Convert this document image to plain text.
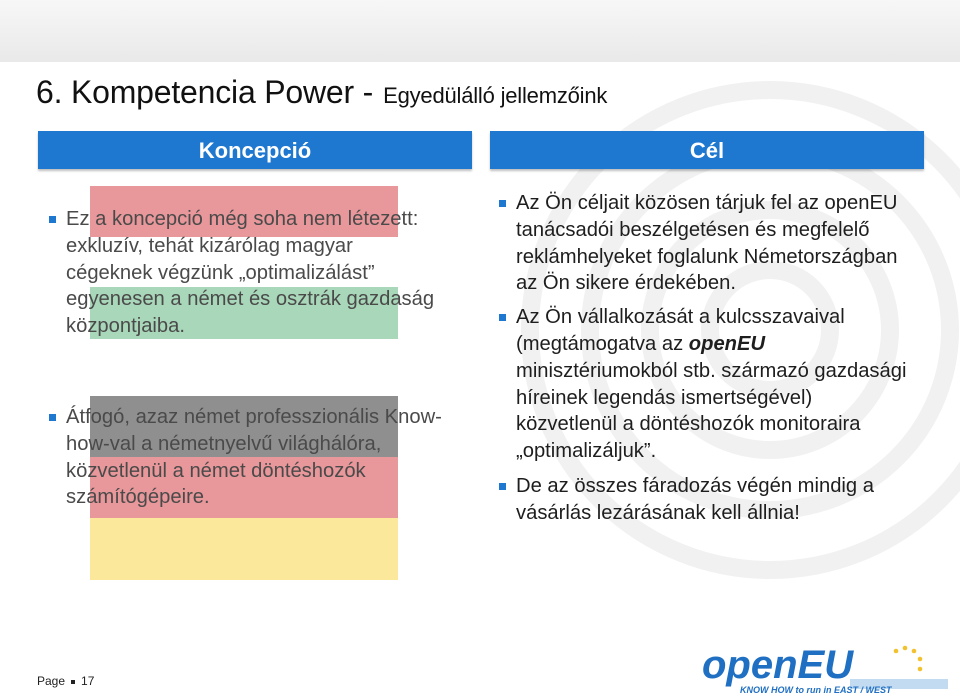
6. Kompetencia Power - Egyedülálló jellemzőink
Koncepció	Cél
Ez a koncepció még soha nem létezett: exkluzív, tehát kizárólag magyar cégeknek végzünk „optimalizálást” egyenesen a német és osztrák gazdaság központjaiba.
Átfogó, azaz német professzionális Know-how-val a németnyelvű világhálóra, közvetlenül a német döntéshozók számítógépeire.
Az Ön céljait közösen tárjuk fel az openEU tanácsadói beszélgetésen és megfelelő reklámhelyeket foglalunk Németországban az Ön sikere érdekében.
Az Ön vállalkozását a kulcsszavaival (megtámogatva az openEU minisztériumokból stb. származó gazdasági híreinek legendás ismertségével) közvetlenül a döntéshozók monitoraira „optimalizáljuk”.
De az összes fáradozás végén mindig a vásárlás lezárásának kell állnia!
Page 17	openEU
KNOW HOW to run in EAST / WEST
